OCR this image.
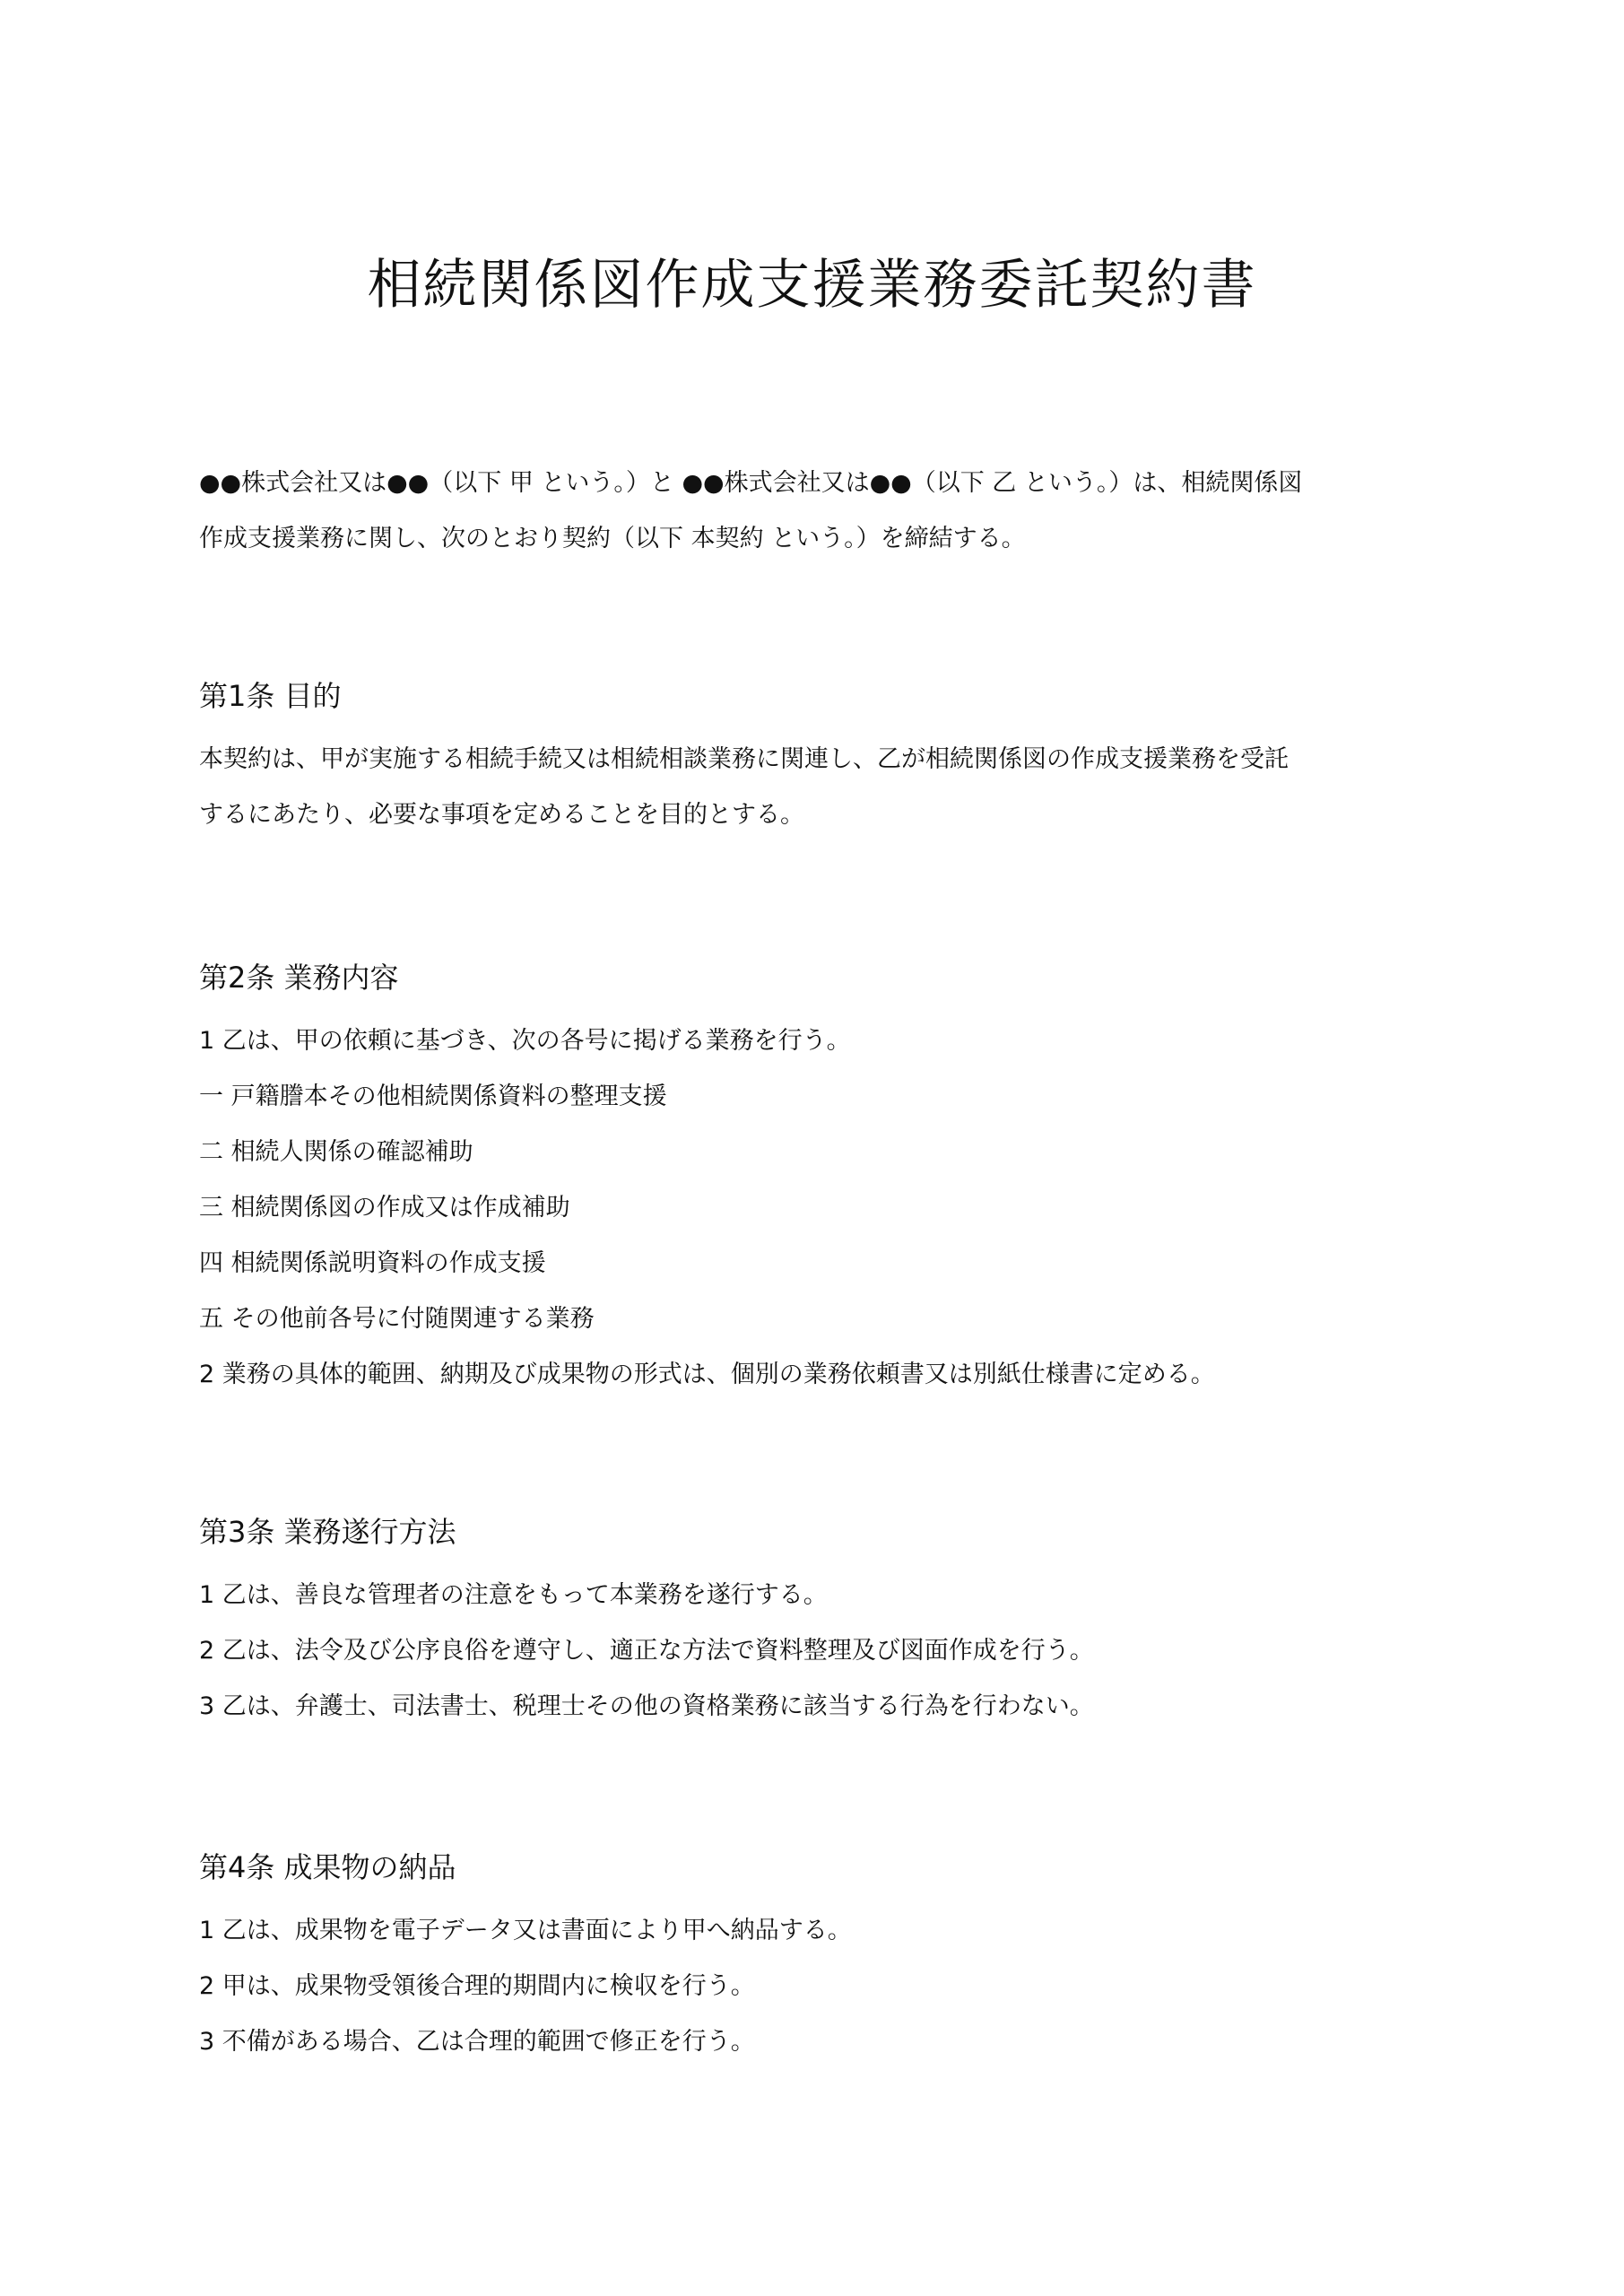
相続関係図作成支援業務委託契約書

●●株式会社又は●●（以下 甲 という。）と ●●株式会社又は●●（以下 乙 という。）は、相続関係図

作成支援業務に関し、次のとおり契約（以下 本契約 という。）を締結する。

第1条 目的

本契約は、甲が実施する相続手続又は相続相談業務に関連し、乙が相続関係図の作成支援業務を受託

するにあたり、必要な事項を定めることを目的とする。

第2条 業務内容

1 乙は、甲の依頼に基づき、次の各号に掲げる業務を行う。

一 戸籍謄本その他相続関係資料の整理支援

二 相続人関係の確認補助

三 相続関係図の作成又は作成補助

四 相続関係説明資料の作成支援

五 その他前各号に付随関連する業務

2 業務の具体的範囲、納期及び成果物の形式は、個別の業務依頼書又は別紙仕様書に定める。

第3条 業務遂行方法

1 乙は、善良な管理者の注意をもって本業務を遂行する。

2 乙は、法令及び公序良俗を遵守し、適正な方法で資料整理及び図面作成を行う。

3 乙は、弁護士、司法書士、税理士その他の資格業務に該当する行為を行わない。

第4条 成果物の納品

1 乙は、成果物を電子データ又は書面により甲へ納品する。

2 甲は、成果物受領後合理的期間内に検収を行う。

3 不備がある場合、乙は合理的範囲で修正を行う。
